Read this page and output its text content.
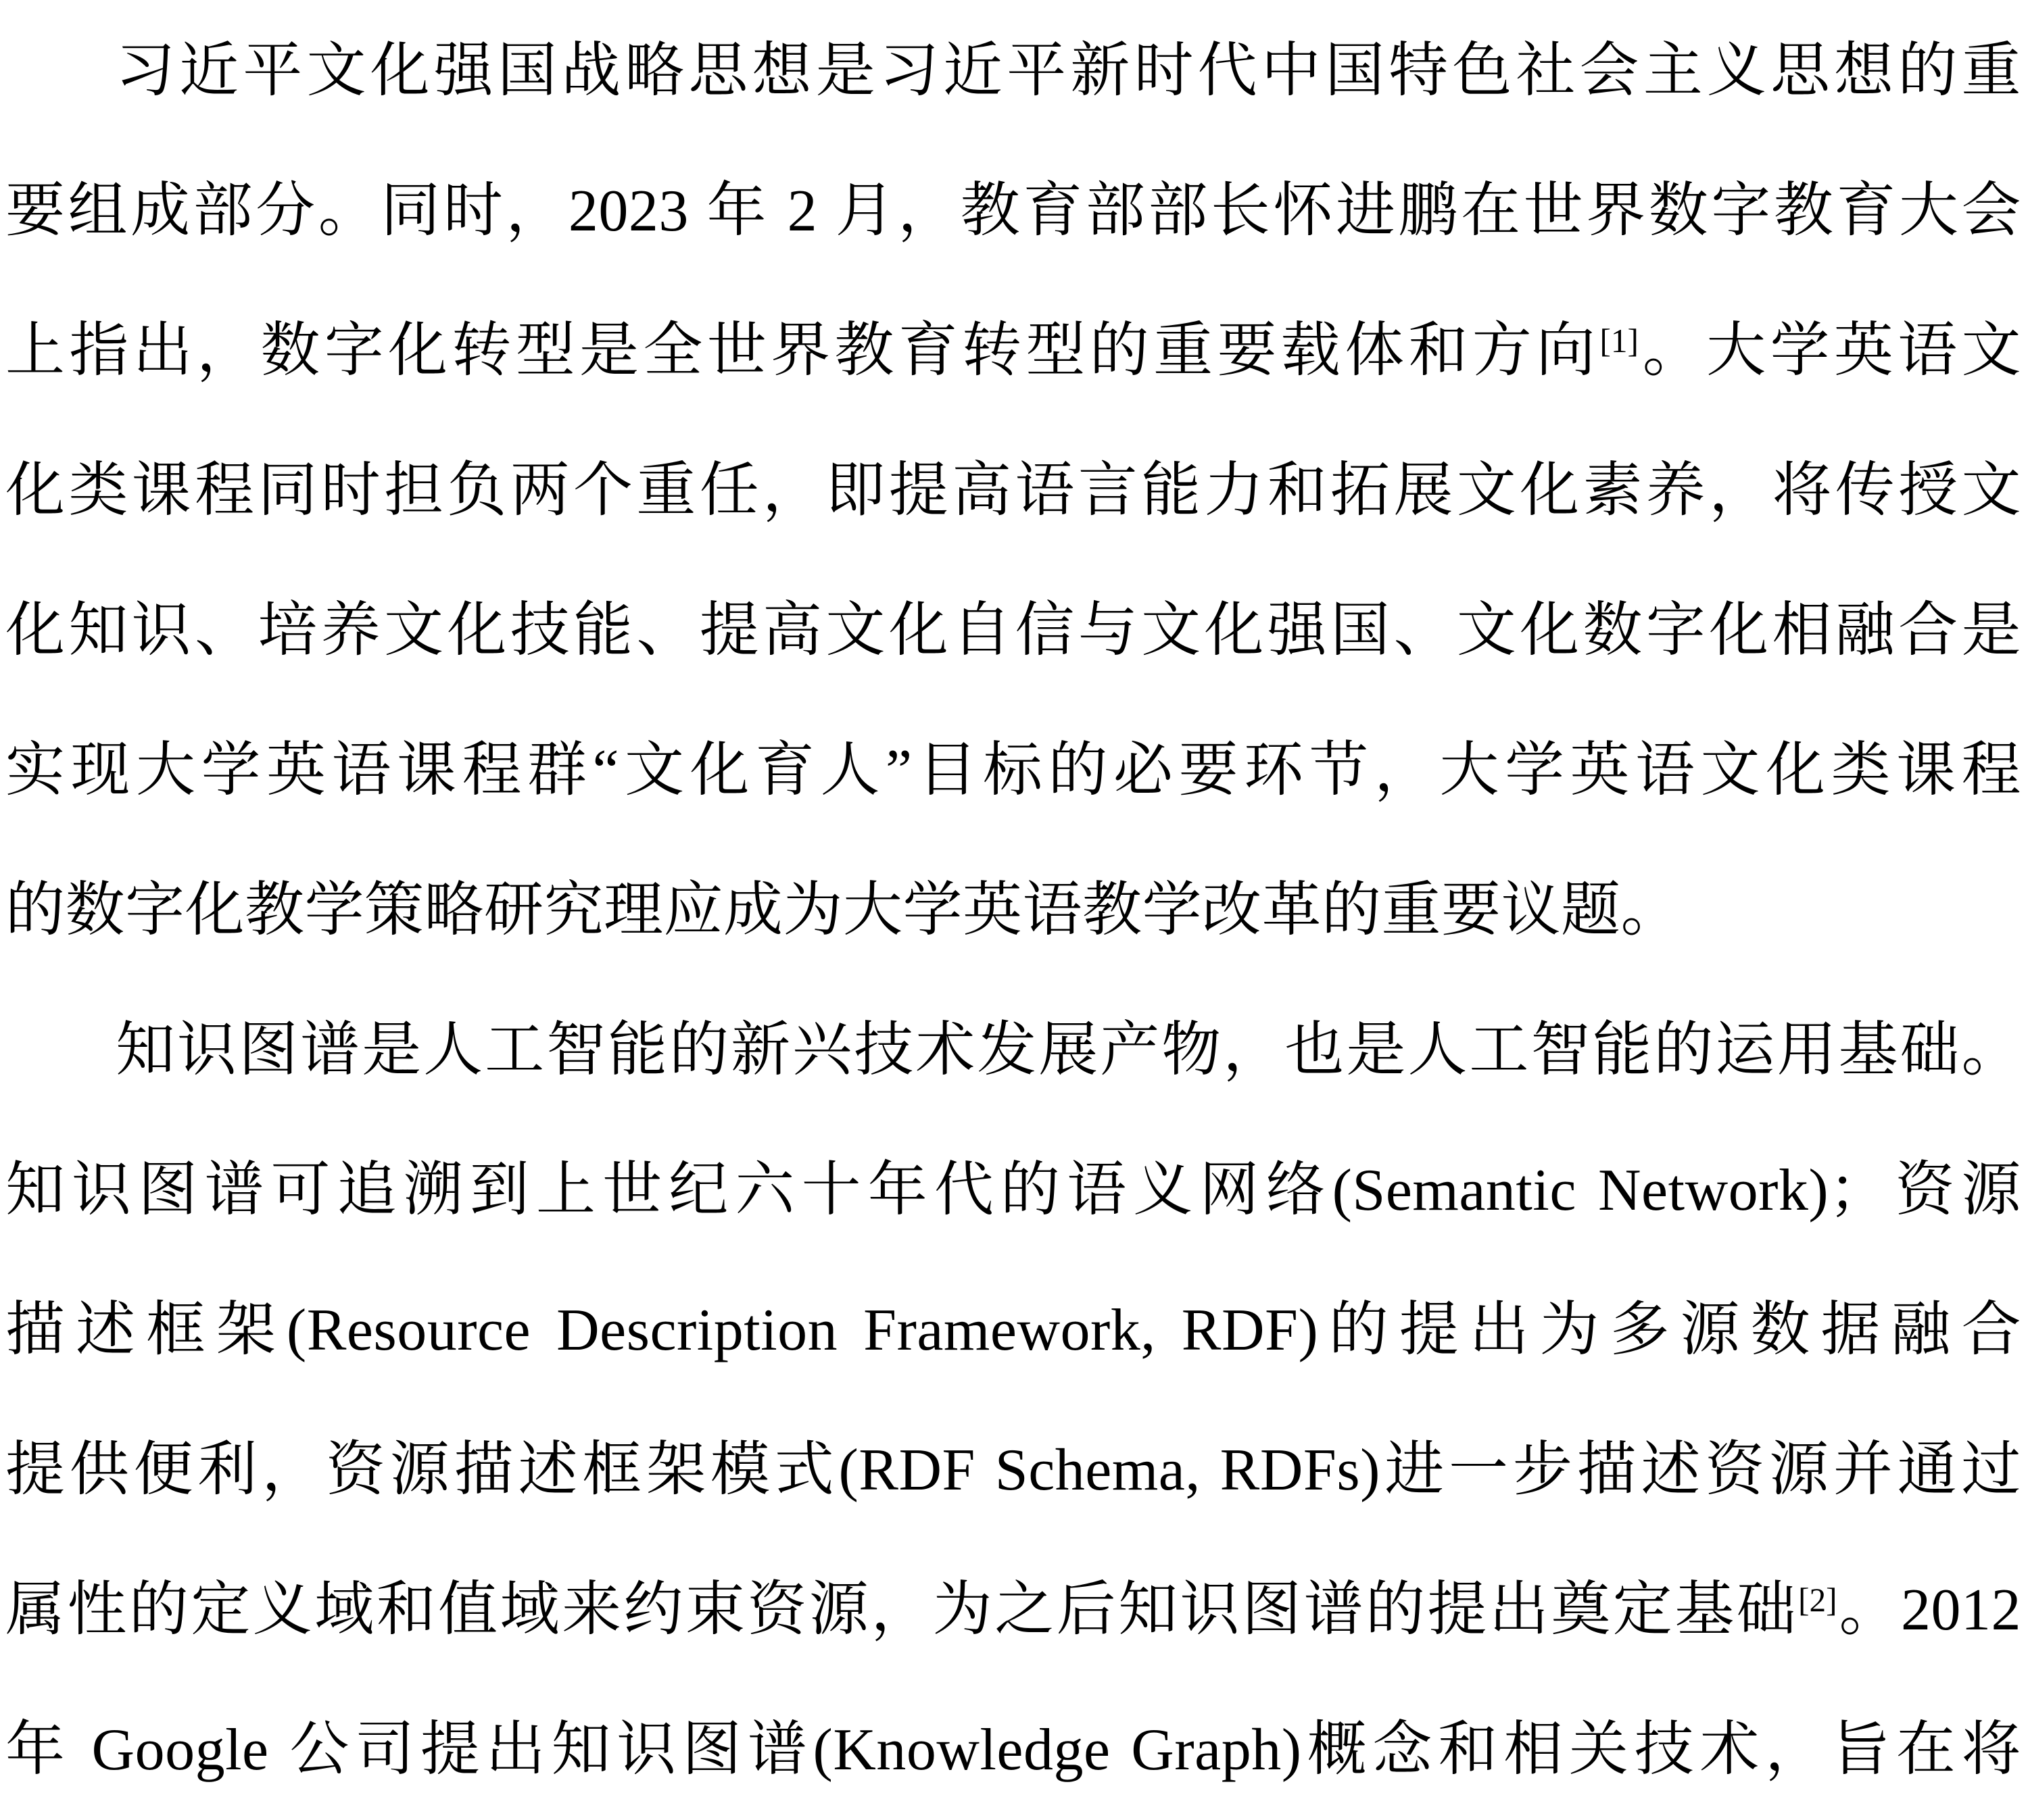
习近平文化强国战略思想是习近平新时代中国特色社会主义思想的重

要组成部分。同时，2023 年 2 月，教育部部长怀进鹏在世界数字教育大会

上指出，数字化转型是全世界教育转型的重要载体和方向[1]。大学英语文

化类课程同时担负两个重任，即提高语言能力和拓展文化素养，将传授文

化知识、培养文化技能、提高文化自信与文化强国、文化数字化相融合是

实现大学英语课程群“文化育人”目标的必要环节，大学英语文化类课程

的数字化教学策略研究理应成为大学英语教学改革的重要议题。

知识图谱是人工智能的新兴技术发展产物，也是人工智能的运用基础。

知识图谱可追溯到上世纪六十年代的语义网络(Semantic Network)；资源

描述框架(Resource Description Framework, RDF)的提出为多源数据融合

提供便利，资源描述框架模式(RDF Schema, RDFs)进一步描述资源并通过

属性的定义域和值域来约束资源，为之后知识图谱的提出奠定基础[2]。2012

年 Google 公司提出知识图谱(Knowledge Graph)概念和相关技术，旨在将
